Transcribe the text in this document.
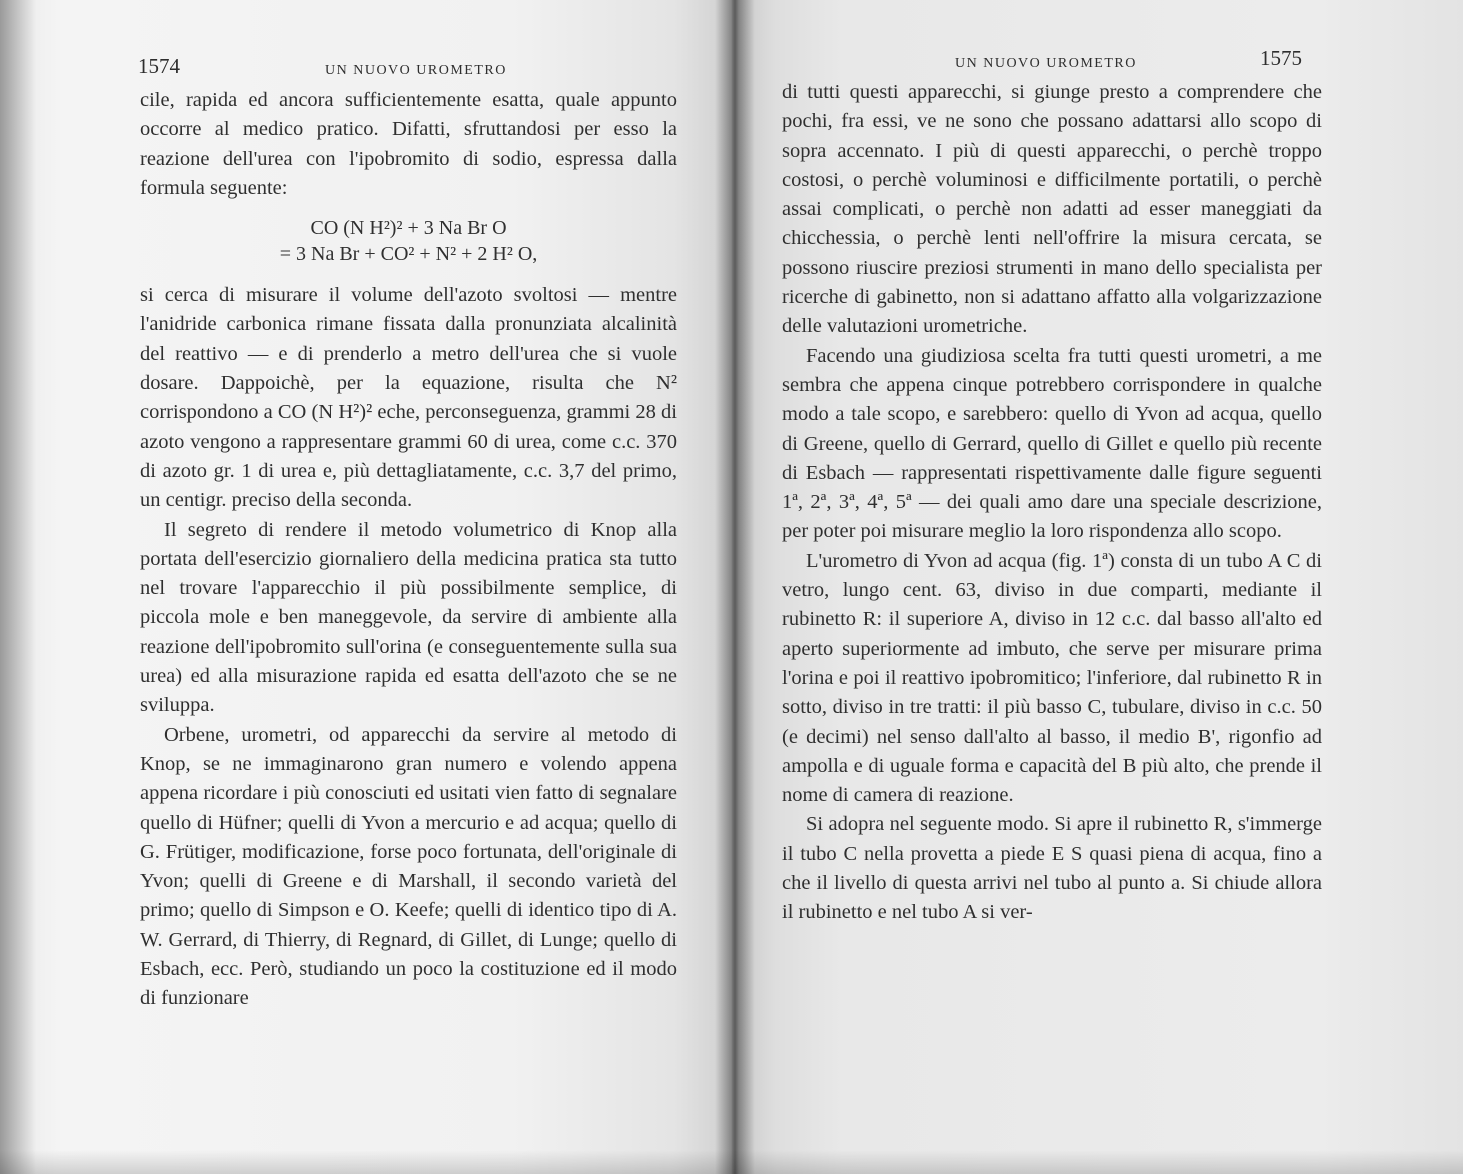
1574	UN NUOVO UROMETRO

cile, rapida ed ancora sufficientemente esatta, quale appunto occorre al medico pratico. Difatti, sfruttandosi per esso la reazione dell'urea con l'ipobromito di sodio, espressa dalla formula seguente:

CO (N H²)² + 3 Na Br O
= 3 Na Br + CO² + N² + 2 H² O,

si cerca di misurare il volume dell'azoto svoltosi — mentre l'anidride carbonica rimane fissata dalla pronunziata alcalinità del reattivo — e di prenderlo a metro dell'urea che si vuole dosare. Dappoichè, per la equazione, risulta che N² corrispondono a CO (N H²)² eche, perconseguenza, grammi 28 di azoto vengono a rappresentare grammi 60 di urea, come c.c. 370 di azoto gr. 1 di urea e, più dettagliatamente, c.c. 3,7 del primo, un centigr. preciso della seconda.

Il segreto di rendere il metodo volumetrico di Knop alla portata dell'esercizio giornaliero della medicina pratica sta tutto nel trovare l'apparecchio il più possibilmente semplice, di piccola mole e ben maneggevole, da servire di ambiente alla reazione dell'ipobromito sull'orina (e conseguentemente sulla sua urea) ed alla misurazione rapida ed esatta dell'azoto che se ne sviluppa.

Orbene, urometri, od apparecchi da servire al metodo di Knop, se ne immaginarono gran numero e volendo appena appena ricordare i più conosciuti ed usitati vien fatto di segnalare quello di Hüfner; quelli di Yvon a mercurio e ad acqua; quello di G. Frütiger, modificazione, forse poco fortunata, dell'originale di Yvon; quelli di Greene e di Marshall, il secondo varietà del primo; quello di Simpson e O. Keefe; quelli di identico tipo di A. W. Gerrard, di Thierry, di Regnard, di Gillet, di Lunge; quello di Esbach, ecc. Però, studiando un poco la costituzione ed il modo di funzionare

UN NUOVO UROMETRO	1575

di tutti questi apparecchi, si giunge presto a comprendere che pochi, fra essi, ve ne sono che possano adattarsi allo scopo di sopra accennato. I più di questi apparecchi, o perchè troppo costosi, o perchè voluminosi e difficilmente portatili, o perchè assai complicati, o perchè non adatti ad esser maneggiati da chicchessia, o perchè lenti nell'offrire la misura cercata, se possono riuscire preziosi strumenti in mano dello specialista per ricerche di gabinetto, non si adattano affatto alla volgarizzazione delle valutazioni urometriche.

Facendo una giudiziosa scelta fra tutti questi urometri, a me sembra che appena cinque potrebbero corrispondere in qualche modo a tale scopo, e sarebbero: quello di Yvon ad acqua, quello di Greene, quello di Gerrard, quello di Gillet e quello più recente di Esbach — rappresentati rispettivamente dalle figure seguenti 1ª, 2ª, 3ª, 4ª, 5ª — dei quali amo dare una speciale descrizione, per poter poi misurare meglio la loro rispondenza allo scopo.

L'urometro di Yvon ad acqua (fig. 1ª) consta di un tubo A C di vetro, lungo cent. 63, diviso in due comparti, mediante il rubinetto R: il superiore A, diviso in 12 c.c. dal basso all'alto ed aperto superiormente ad imbuto, che serve per misurare prima l'orina e poi il reattivo ipobromitico; l'inferiore, dal rubinetto R in sotto, diviso in tre tratti: il più basso C, tubulare, diviso in c.c. 50 (e decimi) nel senso dall'alto al basso, il medio B', rigonfio ad ampolla e di uguale forma e capacità del B più alto, che prende il nome di camera di reazione.

Si adopra nel seguente modo. Si apre il rubinetto R, s'immerge il tubo C nella provetta a piede E S quasi piena di acqua, fino a che il livello di questa arrivi nel tubo al punto a. Si chiude allora il rubinetto e nel tubo A si ver-
